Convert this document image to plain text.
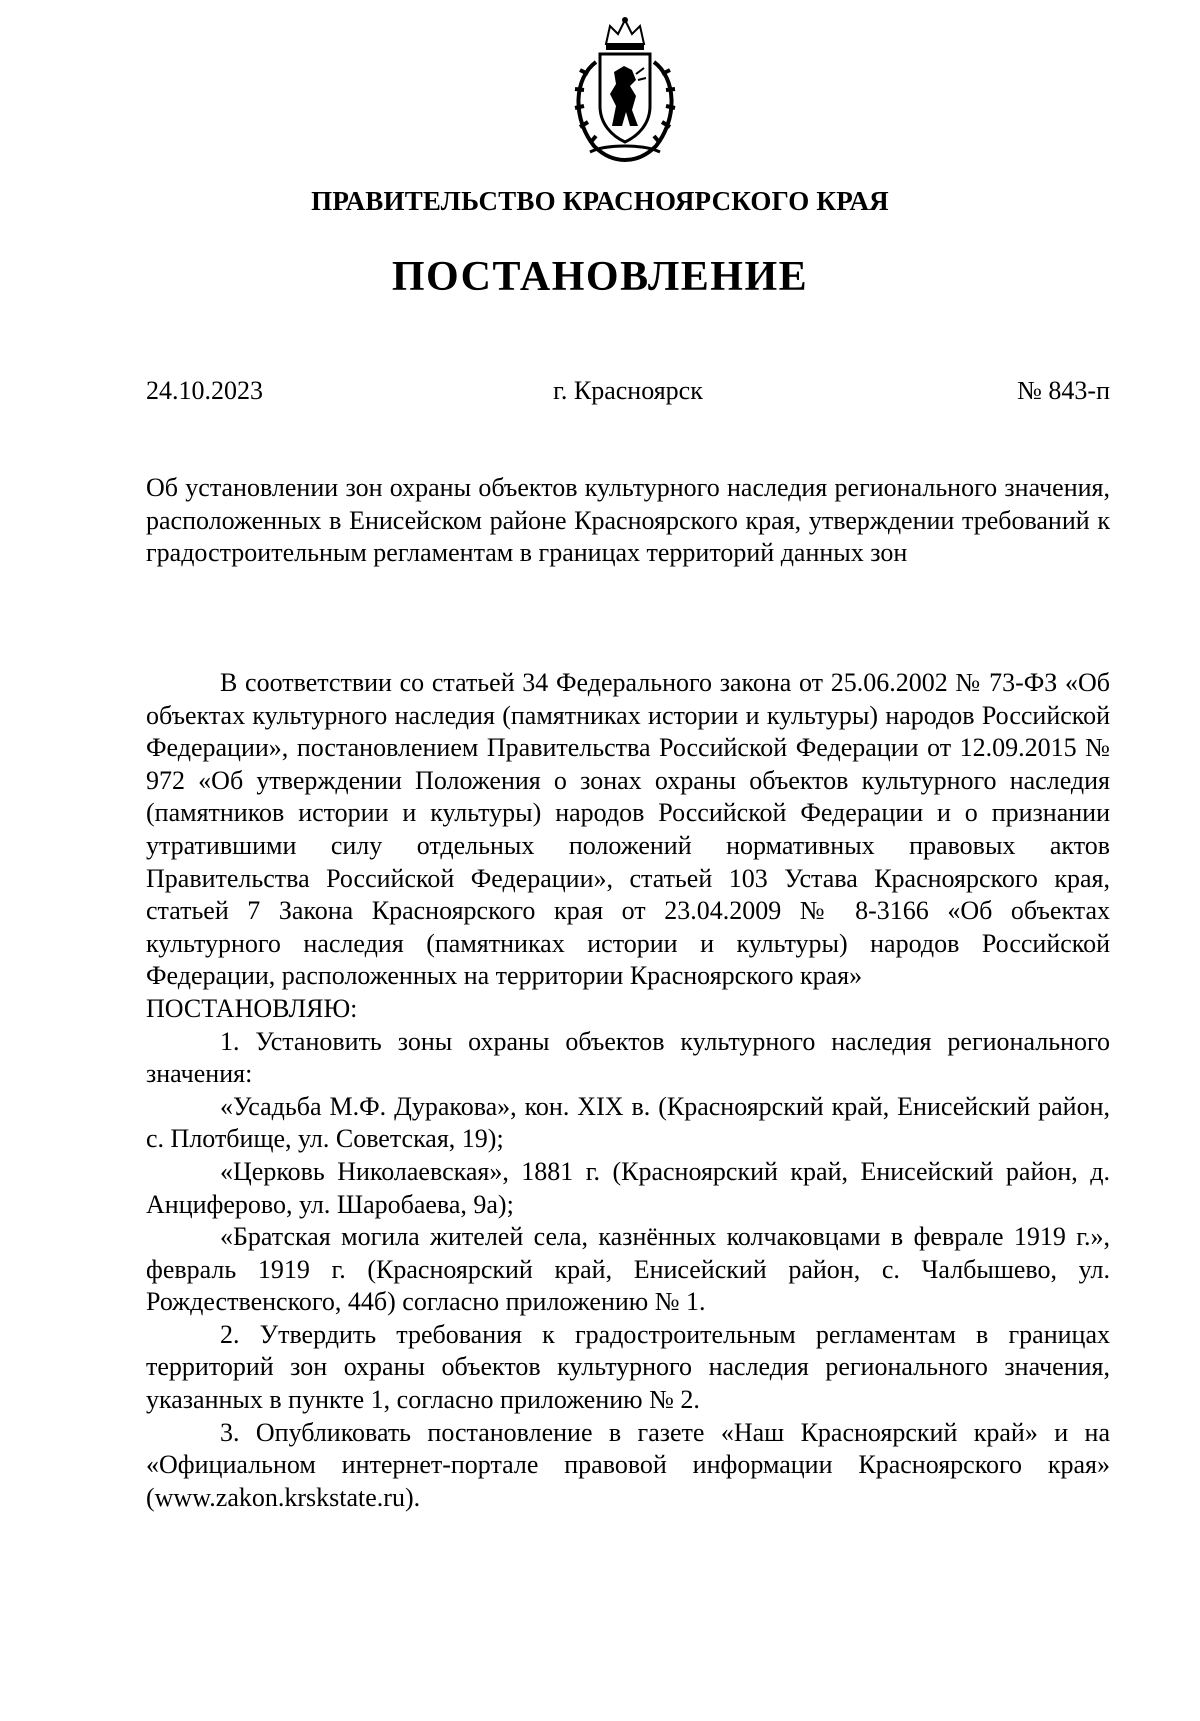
ПРАВИТЕЛЬСТВО КРАСНОЯРСКОГО КРАЯ
ПОСТАНОВЛЕНИЕ
г. Красноярск
24.10.2023	№ 843-п
Об установлении зон охраны объектов культурного наследия регионального значения, расположенных в Енисейском районе Красноярского края, утверждении требований к градостроительным регламентам в границах территорий данных зон

В соответствии со статьей 34 Федерального закона от 25.06.2002 № 73-ФЗ «Об объектах культурного наследия (памятниках истории и культуры) народов Российской Федерации», постановлением Правительства Российской Федерации от 12.09.2015 № 972 «Об утверждении Положения о зонах охраны объектов культурного наследия (памятников истории и культуры) народов Российской Федерации и о признании утратившими силу отдельных положений нормативных правовых актов Правительства Российской Федерации», статьей 103 Устава Красноярского края, статьей 7 Закона Красноярского края от 23.04.2009 № 8-3166 «Об объектах культурного наследия (памятниках истории и культуры) народов Российской Федерации, расположенных на территории Красноярского края»

ПОСТАНОВЛЯЮ:

1. Установить зоны охраны объектов культурного наследия регионального значения:

«Усадьба М.Ф. Дуракова», кон. XIX в. (Красноярский край, Енисейский район, с. Плотбище, ул. Советская, 19);

«Церковь Николаевская», 1881 г. (Красноярский край, Енисейский район, д. Анциферово, ул. Шаробаева, 9а);

«Братская могила жителей села, казнённых колчаковцами в феврале 1919 г.», февраль 1919 г. (Красноярский край, Енисейский район, с. Чалбышево, ул. Рождественского, 44б) согласно приложению № 1.

2. Утвердить требования к градостроительным регламентам в границах территорий зон охраны объектов культурного наследия регионального значения, указанных в пункте 1, согласно приложению № 2.

3. Опубликовать постановление в газете «Наш Красноярский край» и на «Официальном интернет-портале правовой информации Красноярского края» (www.zakon.krskstate.ru).
